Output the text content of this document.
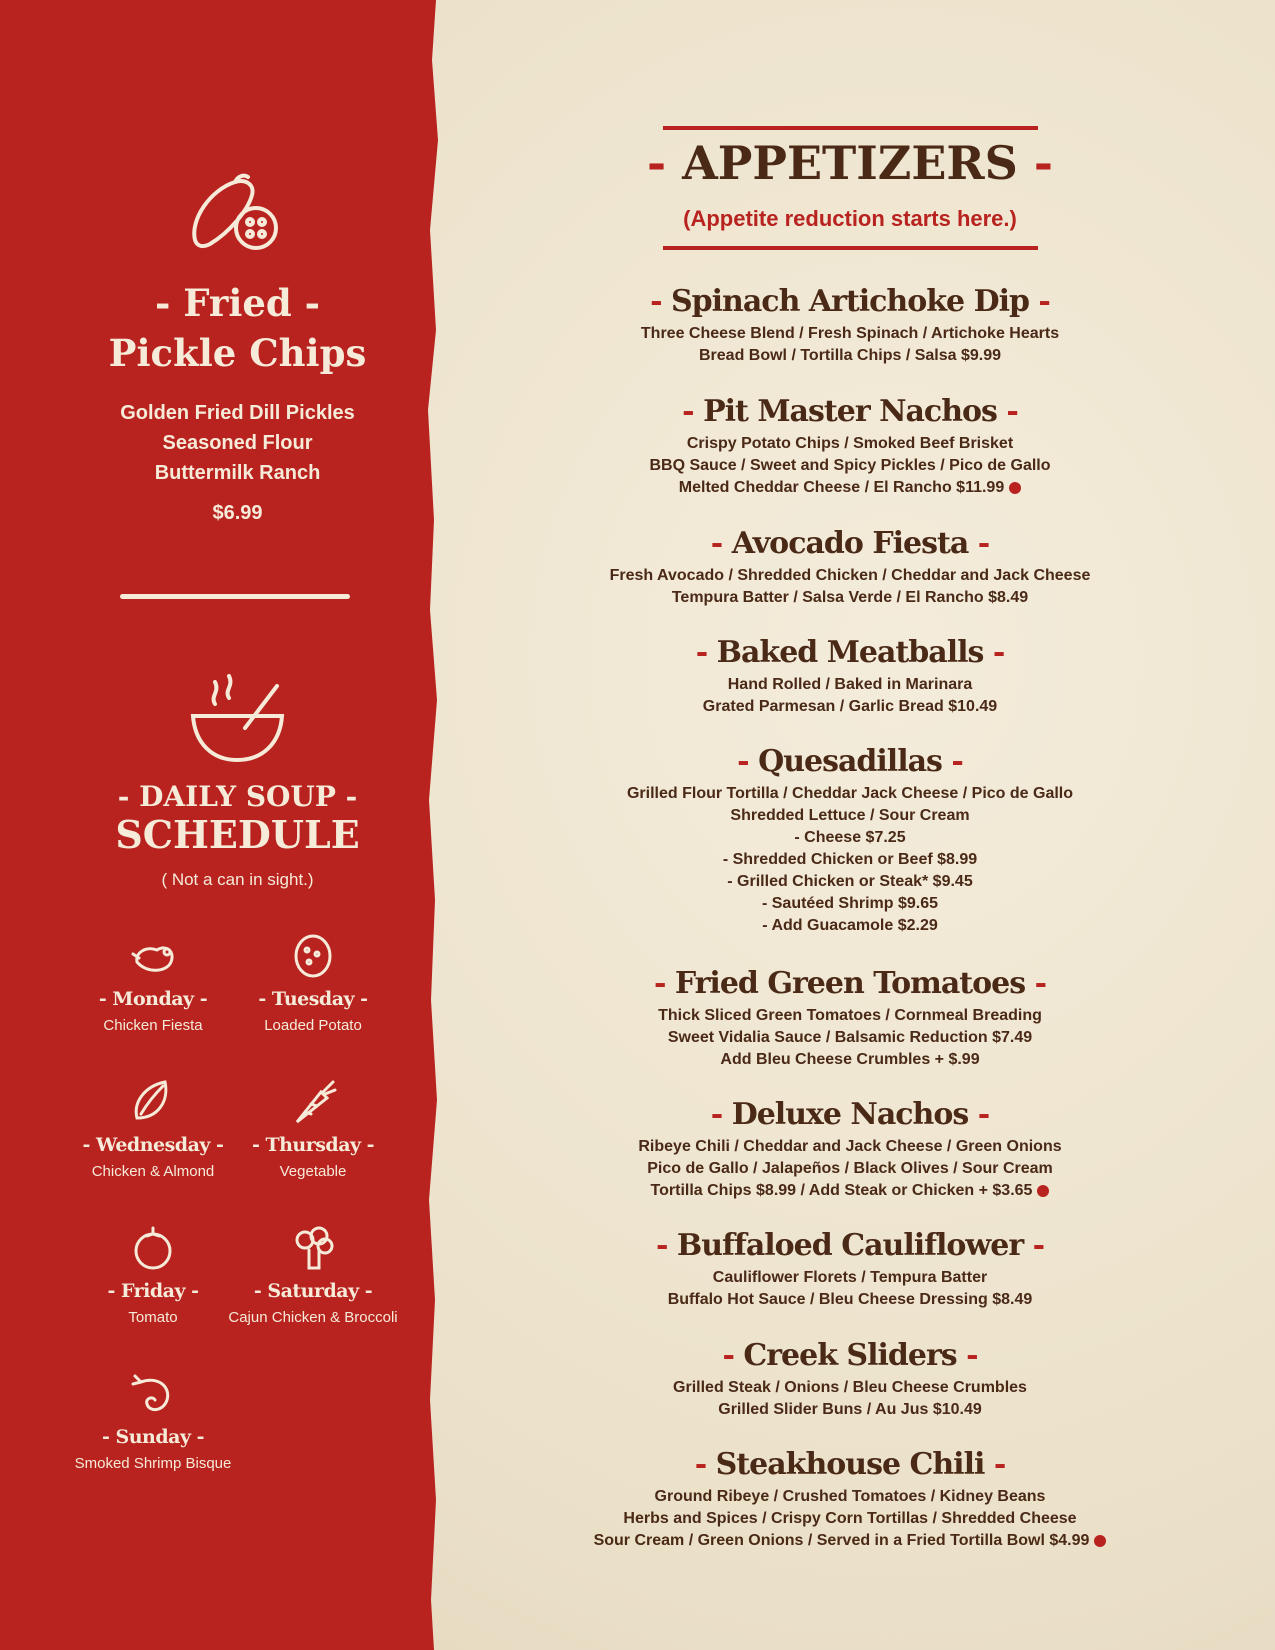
- Fried -
Pickle Chips
Golden Fried Dill Pickles
Seasoned Flour
Buttermilk Ranch
$6.99
- DAILY SOUP -
SCHEDULE
( Not a can in sight.)
- Monday -
Chicken Fiesta
- Tuesday -
Loaded Potato
- Wednesday -
Chicken & Almond
- Thursday -
Vegetable
- Friday -
Tomato
- Saturday -
Cajun Chicken & Broccoli
- Sunday -
Smoked Shrimp Bisque
- APPETIZERS -
(Appetite reduction starts here.)
- Spinach Artichoke Dip -
Three Cheese Blend / Fresh Spinach / Artichoke Hearts
Bread Bowl / Tortilla Chips / Salsa $9.99
- Pit Master Nachos -
Crispy Potato Chips / Smoked Beef Brisket
BBQ Sauce / Sweet and Spicy Pickles / Pico de Gallo
Melted Cheddar Cheese / El Rancho $11.99
- Avocado Fiesta -
Fresh Avocado / Shredded Chicken / Cheddar and Jack Cheese
Tempura Batter / Salsa Verde / El Rancho $8.49
- Baked Meatballs -
Hand Rolled / Baked in Marinara
Grated Parmesan / Garlic Bread $10.49
- Quesadillas -
Grilled Flour Tortilla / Cheddar Jack Cheese / Pico de Gallo
Shredded Lettuce / Sour Cream
- Cheese $7.25
- Shredded Chicken or Beef $8.99
- Grilled Chicken or Steak* $9.45
- Sautéed Shrimp $9.65
- Add Guacamole $2.29
- Fried Green Tomatoes -
Thick Sliced Green Tomatoes / Cornmeal Breading
Sweet Vidalia Sauce / Balsamic Reduction $7.49
Add Bleu Cheese Crumbles + $.99
- Deluxe Nachos -
Ribeye Chili / Cheddar and Jack Cheese / Green Onions
Pico de Gallo / Jalapeños / Black Olives / Sour Cream
Tortilla Chips $8.99 / Add Steak or Chicken + $3.65
- Buffaloed Cauliflower -
Cauliflower Florets / Tempura Batter
Buffalo Hot Sauce / Bleu Cheese Dressing $8.49
- Creek Sliders -
Grilled Steak / Onions / Bleu Cheese Crumbles
Grilled Slider Buns / Au Jus $10.49
- Steakhouse Chili -
Ground Ribeye / Crushed Tomatoes / Kidney Beans
Herbs and Spices / Crispy Corn Tortillas / Shredded Cheese
Sour Cream / Green Onions / Served in a Fried Tortilla Bowl $4.99
